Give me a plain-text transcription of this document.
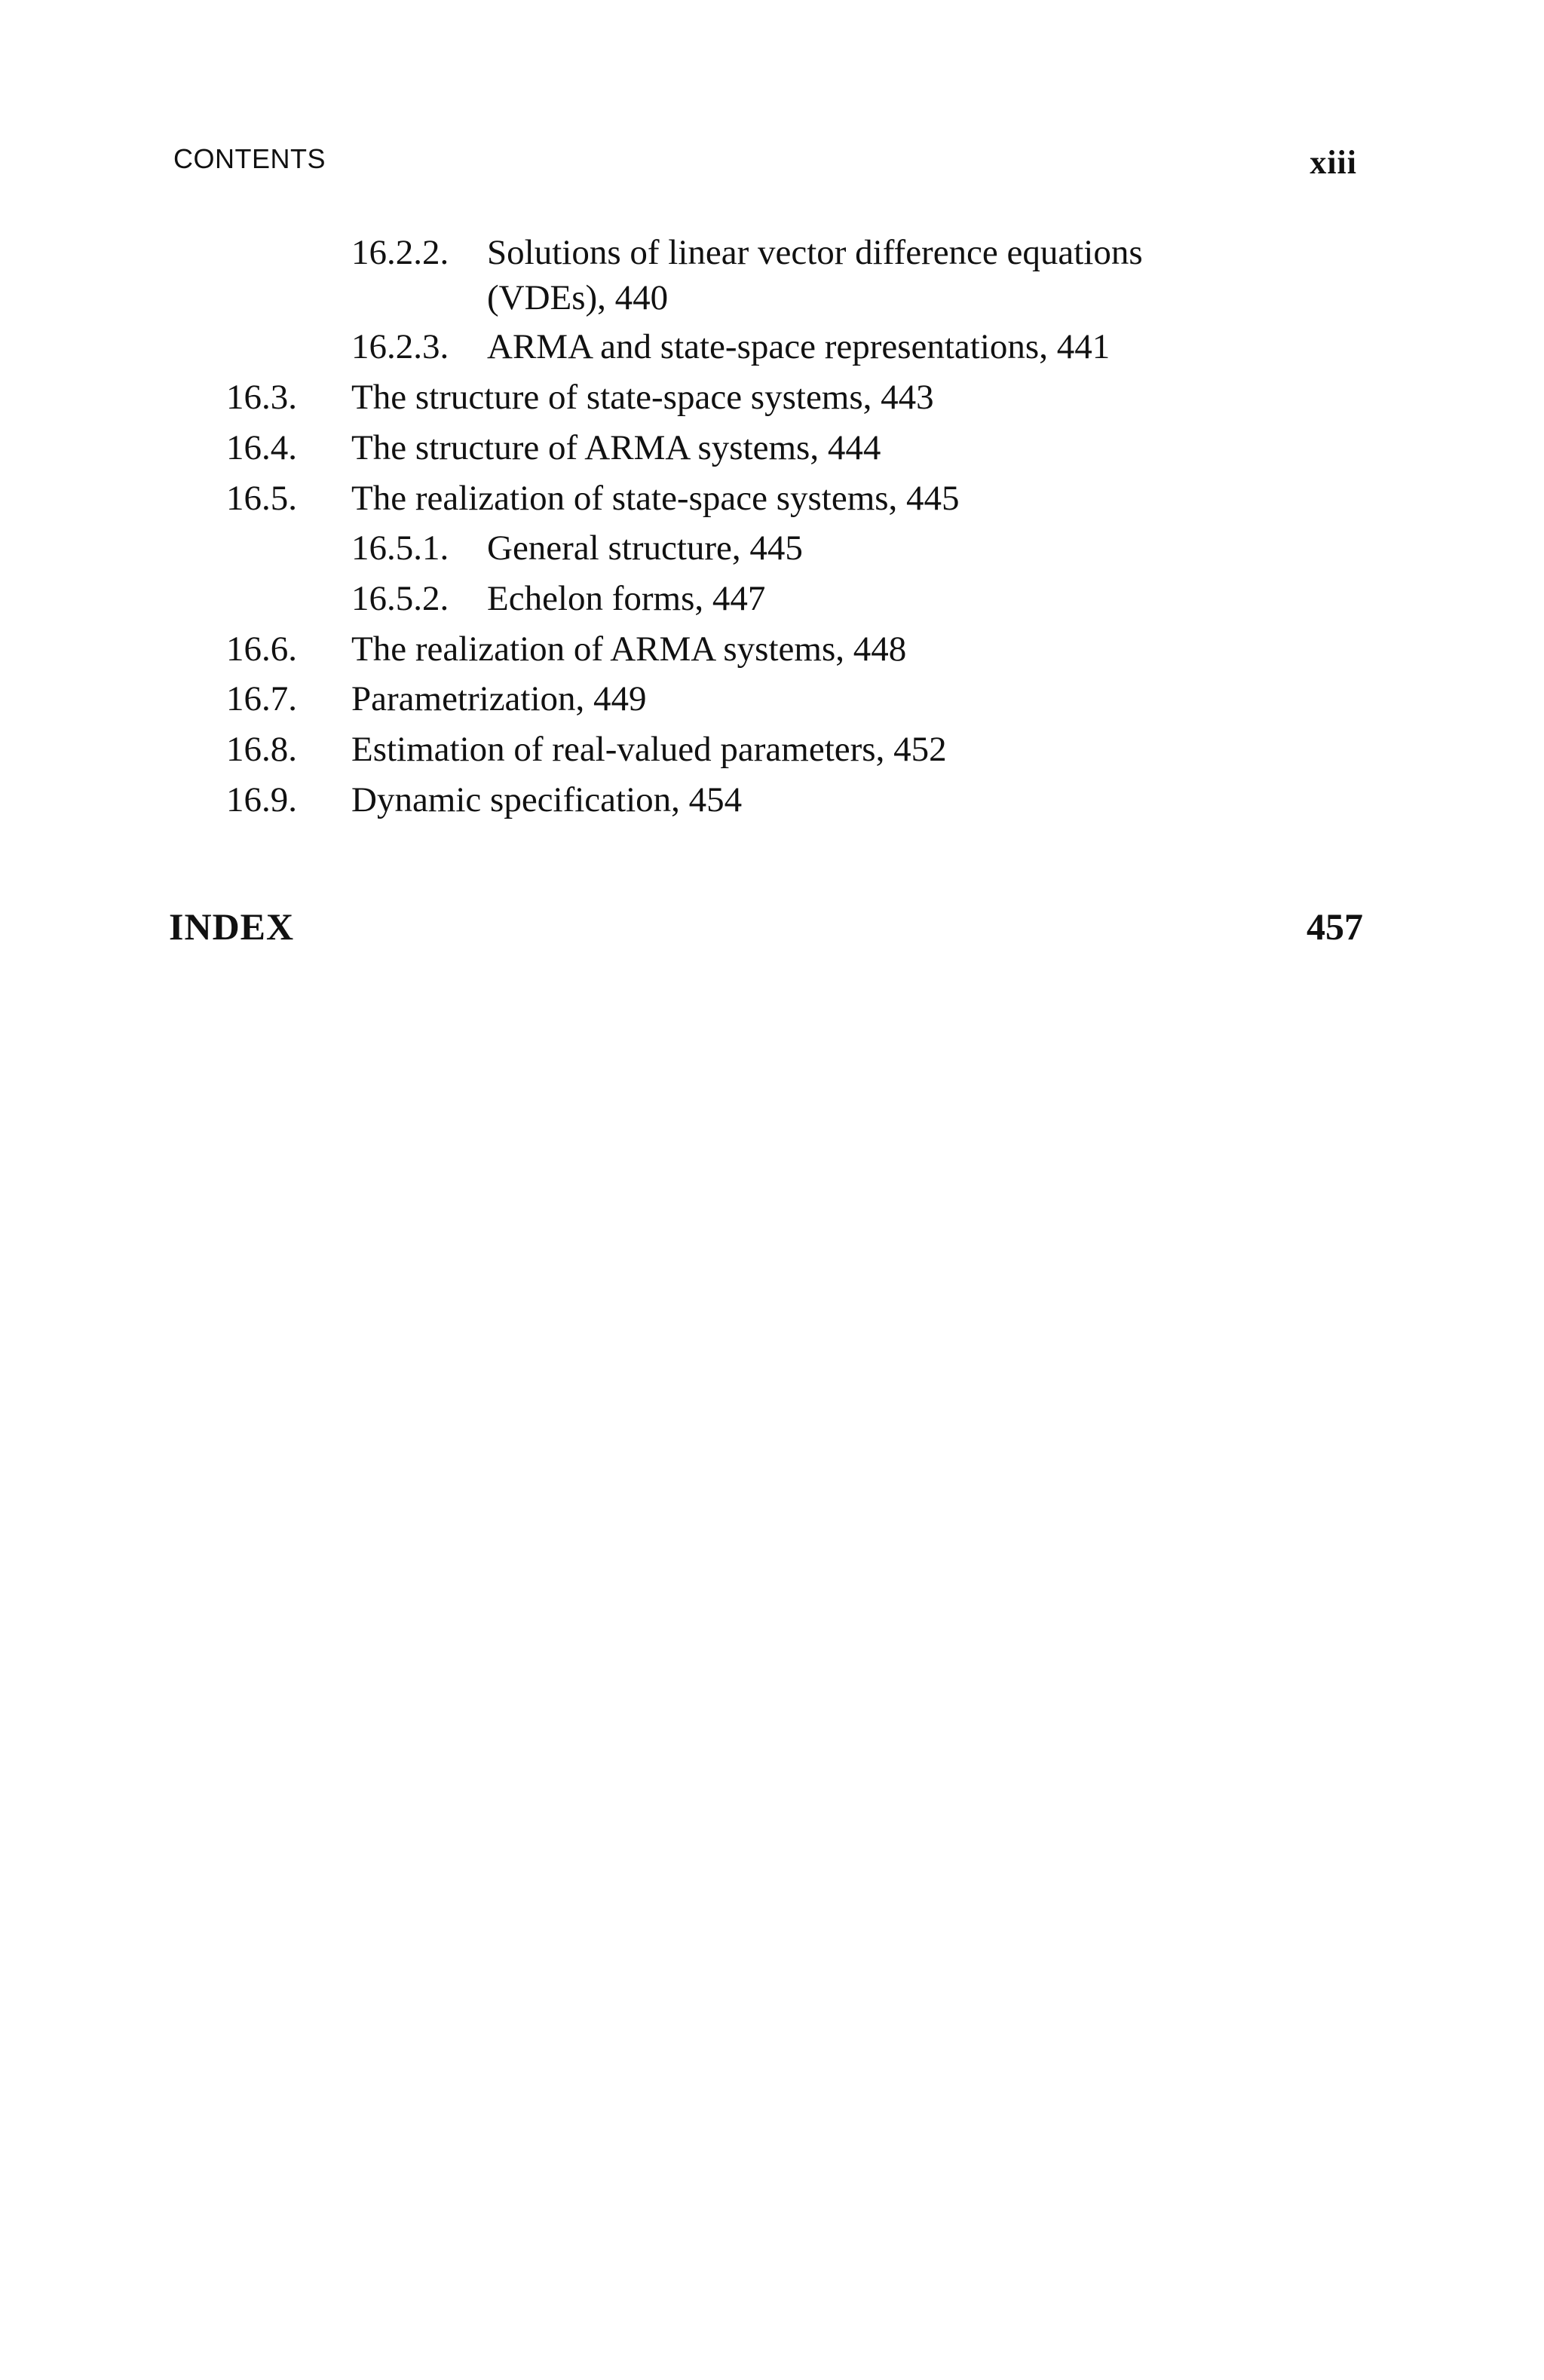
CONTENTS	xiii
16.2.2. Solutions of linear vector difference equations
(VDEs), 440
16.2.3. ARMA and state-space representations, 441
16.3. The structure of state-space systems, 443
16.4. The structure of ARMA systems, 444
16.5. The realization of state-space systems, 445
16.5.1. General structure, 445
16.5.2. Echelon forms, 447
16.6. The realization of ARMA systems, 448
16.7. Parametrization, 449
16.8. Estimation of real-valued parameters, 452
16.9. Dynamic specification, 454
INDEX	457
